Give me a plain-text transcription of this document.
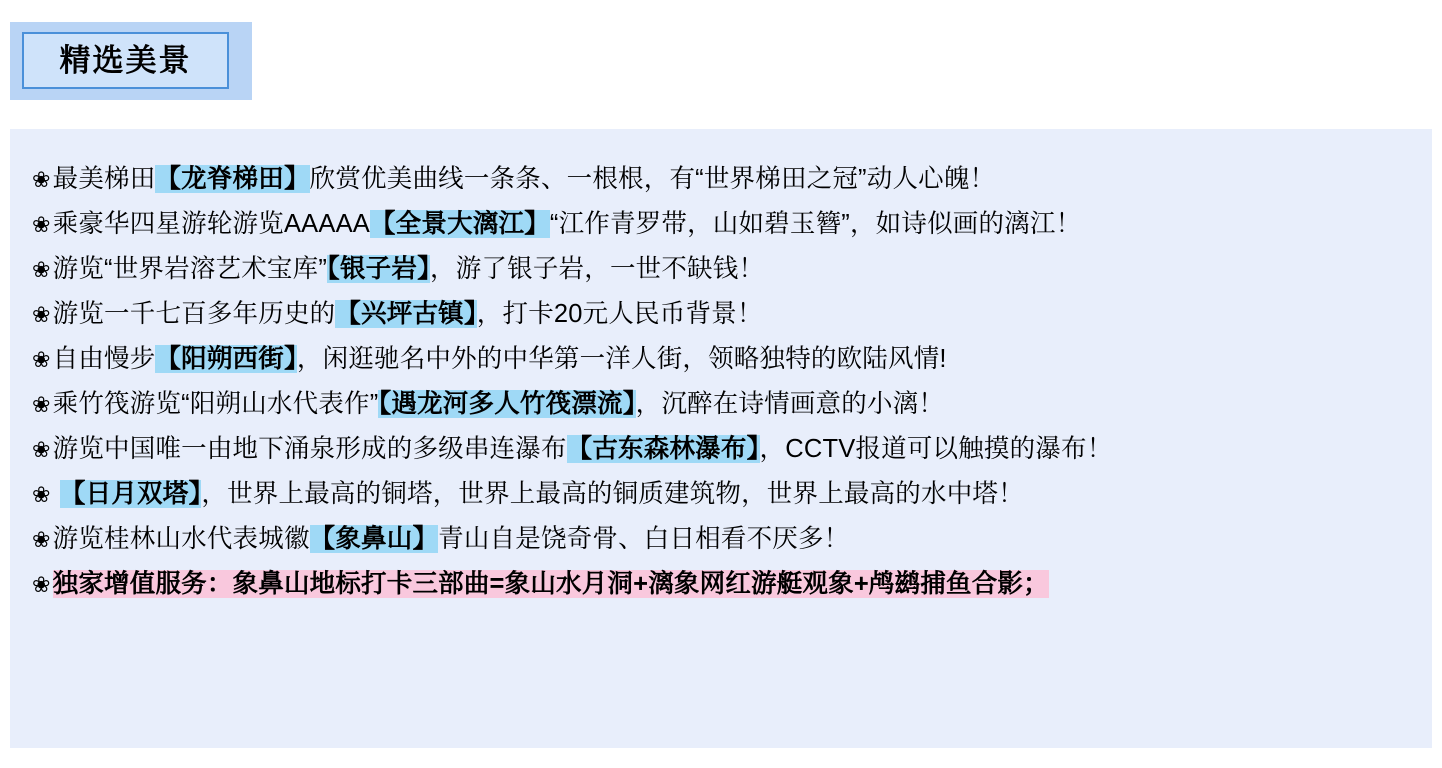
精选美景
❀最美梯田【龙脊梯田】欣赏优美曲线一条条、一根根，有“世界梯田之冠”动人心魄！
❀乘豪华四星游轮游览AAAAA【全景大漓江】“江作青罗带，山如碧玉簪”，如诗似画的漓江！
❀游览“世界岩溶艺术宝库”【银子岩】，游了银子岩，一世不缺钱！
❀游览一千七百多年历史的【兴坪古镇】，打卡20元人民币背景！
❀自由慢步【阳朔西街】，闲逛驰名中外的中华第一洋人街，领略独特的欧陆风情!
❀乘竹筏游览“阳朔山水代表作”【遇龙河多人竹筏漂流】，沉醉在诗情画意的小漓！
❀游览中国唯一由地下涌泉形成的多级串连瀑布【古东森林瀑布】，CCTV报道可以触摸的瀑布！
❀ 【日月双塔】，世界上最高的铜塔，世界上最高的铜质建筑物，世界上最高的水中塔！
❀游览桂林山水代表城徽【象鼻山】青山自是饶奇骨、白日相看不厌多！
❀独家增值服务：象鼻山地标打卡三部曲=象山水月洞+漓象网红游艇观象+鸬鹚捕鱼合影；
